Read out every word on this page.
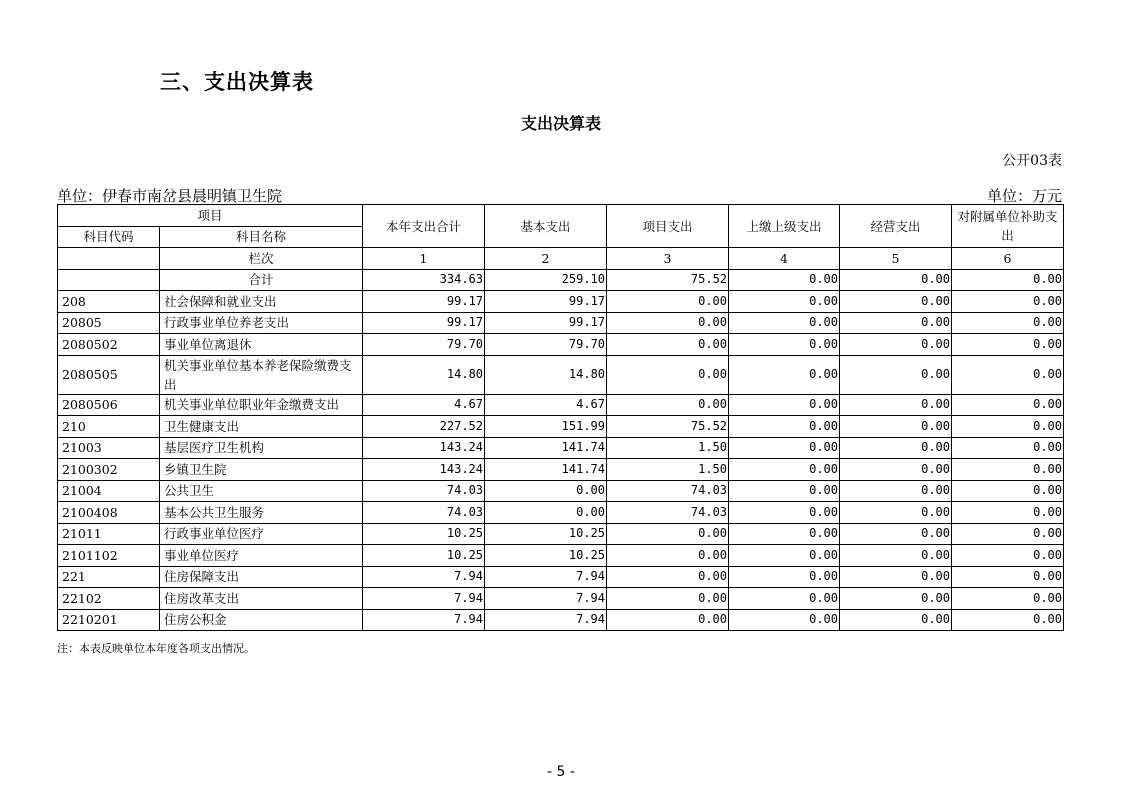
三、支出决算表
支出决算表
公开03表
单位：伊春市南岔县晨明镇卫生院	单位：万元
项目		本年支出合计	基本支出	项目支出	上缴上级支出	经营支出	对附属单位补助支出
科目代码	科目名称						
	栏次	1	2	3	4	5	6
	合计	334.63	259.10	75.52	0.00	0.00	0.00
208	社会保障和就业支出	99.17	99.17	0.00	0.00	0.00	0.00
20805	行政事业单位养老支出	99.17	99.17	0.00	0.00	0.00	0.00
2080502	事业单位离退休	79.70	79.70	0.00	0.00	0.00	0.00
2080505	机关事业单位基本养老保险缴费支出	14.80	14.80	0.00	0.00	0.00	0.00
2080506	机关事业单位职业年金缴费支出	4.67	4.67	0.00	0.00	0.00	0.00
210	卫生健康支出	227.52	151.99	75.52	0.00	0.00	0.00
21003	基层医疗卫生机构	143.24	141.74	1.50	0.00	0.00	0.00
2100302	乡镇卫生院	143.24	141.74	1.50	0.00	0.00	0.00
21004	公共卫生	74.03	0.00	74.03	0.00	0.00	0.00
2100408	基本公共卫生服务	74.03	0.00	74.03	0.00	0.00	0.00
21011	行政事业单位医疗	10.25	10.25	0.00	0.00	0.00	0.00
2101102	事业单位医疗	10.25	10.25	0.00	0.00	0.00	0.00
221	住房保障支出	7.94	7.94	0.00	0.00	0.00	0.00
22102	住房改革支出	7.94	7.94	0.00	0.00	0.00	0.00
2210201	住房公积金	7.94	7.94	0.00	0.00	0.00	0.00
注：本表反映单位本年度各项支出情况。
- 5 -
